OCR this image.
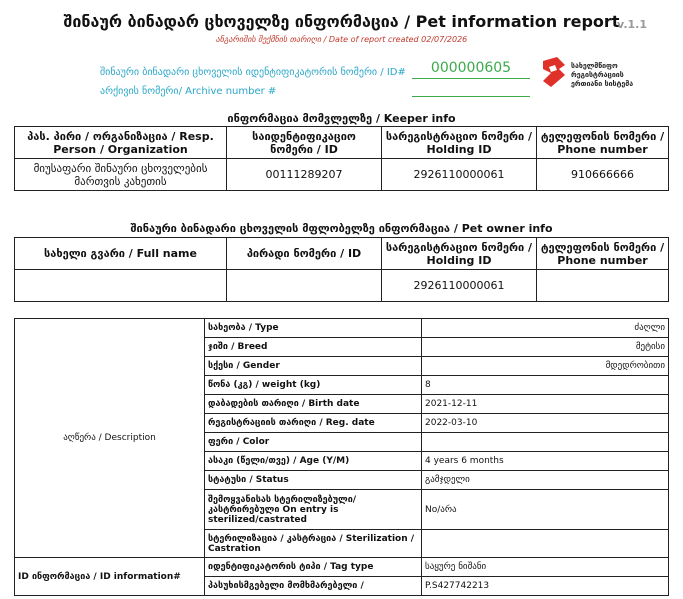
შინაურ ბინადარ ცხოველზე ინფორმაცია / Pet information report
v.1.1
ანგარიშის შექმნის თარიღი / Date of report created 02/07/2026
შინაური ბინადარი ცხოველის იდენტიფიკატორის ნომერი / ID#	000000605
არქივის ნომერი/ Archive number #
სახელმწიფო რეგისტრაციის
ერთიანი სისტემა
ინფორმაცია მომვლელზე / Keeper info
პას. პირი / ორგანიზაცია / Resp. Person / Organization	საიდენტიფიკაციო ნომერი / ID	სარეგისტრაციო ნომერი / Holding ID	ტელეფონის ნომერი / Phone number
მიუსაფარი შინაური ცხოველების მართვის კახეთის	00111289207	2926110000061	910666666
შინაური ბინადარი ცხოველის მფლობელზე ინფორმაცია / Pet owner info
სახელი გვარი / Full name	პირადი ნომერი / ID	სარეგისტრაციო ნომერი / Holding ID	ტელეფონის ნომერი / Phone number
		2926110000061	
აღწერა / Description	სახეობა / Type	ძაღლი
	ჯიში / Breed	მეტისი
	სქესი / Gender	მდედრობითი
	წონა (კგ) / weight (kg)	8
	დაბადების თარიღი / Birth date	2021-12-11
	რეგისტრაციის თარიღი / Reg. date	2022-03-10
	ფერი / Color	
	ასაკი (წელი/თვე) / Age (Y/M)	4 years 6 months
	სტატუსი / Status	გამჯდელი
	შემოყვანისას სტერილიზებული/კასტრირებული On entry is sterilized/castrated	No/არა
	სტერილიზაცია / კასტრაცია / Sterilization / Castration	
ID ინფორმაცია / ID information#	იდენტიფიკატორის ტიპი / Tag type	საყურე ნიშანი
	პასუხისმგებელი მომხმარებელი /	P.S427742213
